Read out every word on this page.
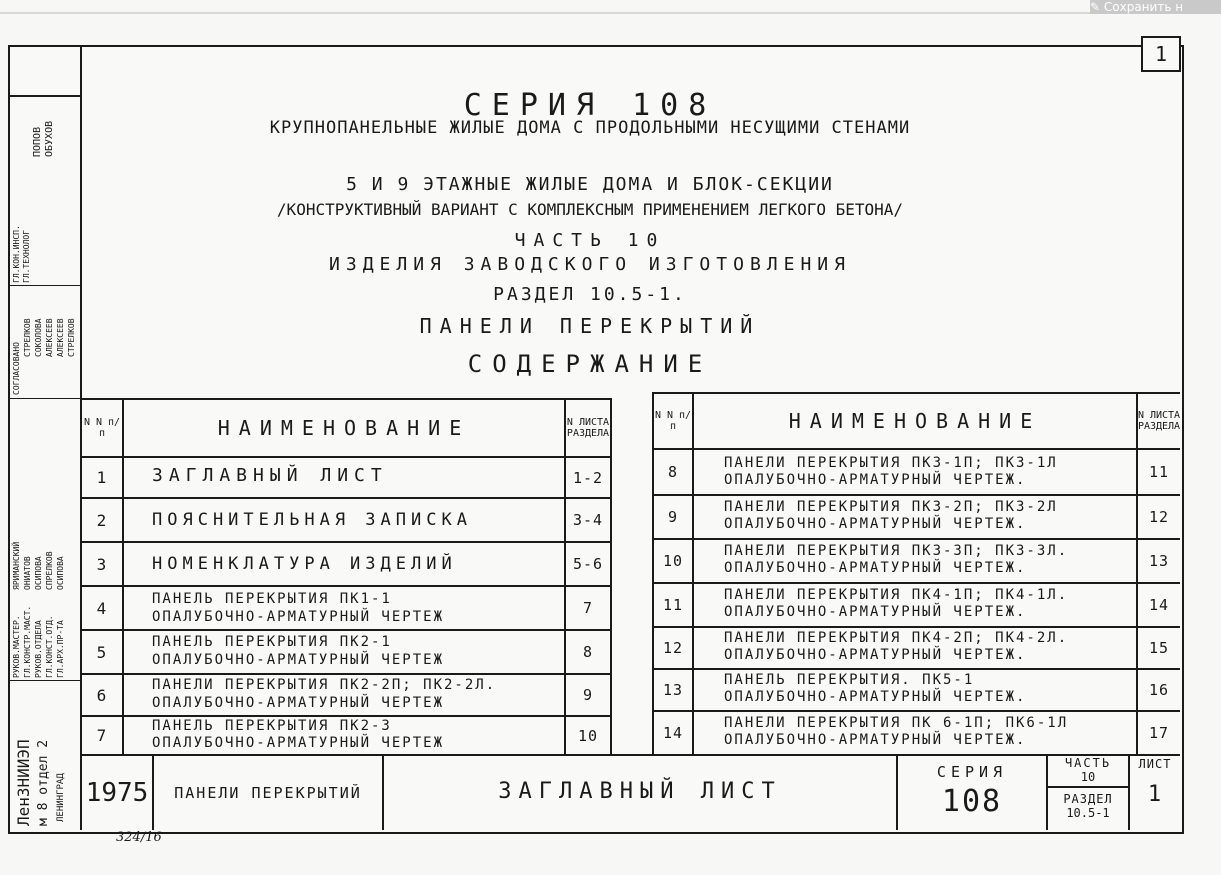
✎ Сохранить н
1
СЕРИЯ 108
КРУПНОПАНЕЛЬНЫЕ ЖИЛЫЕ ДОМА С ПРОДОЛЬНЫМИ НЕСУЩИМИ СТЕНАМИ
5 И 9 ЭТАЖНЫЕ ЖИЛЫЕ ДОМА И БЛОК-СЕКЦИИ
/КОНСТРУКТИВНЫЙ ВАРИАНТ С КОМПЛЕКСНЫМ ПРИМЕНЕНИЕМ ЛЕГКОГО БЕТОНА/
ЧАСТЬ 10
ИЗДЕЛИЯ ЗАВОДСКОГО ИЗГОТОВЛЕНИЯ
РАЗДЕЛ 10.5-1.
ПАНЕЛИ ПЕРЕКРЫТИЙ
СОДЕРЖАНИЕ
ГЛ.КОН.ИНСП. ГЛ.ТЕХНОЛОГ
ПОПОВ ОБУХОВ
СОГЛАСОВАНО
СТРЕЛКОВ СОКОЛОВА АЛЕКСЕЕВ АЛЕКСЕЕВ СТРЕЛКОВ
РУКОВ.МАСТЕР. ГЛ.КОНСТР.МАСТ. РУКОВ.ОТДЕЛА ГЛ.КОНСТ.ОТД. ГЛ.АРХ.ПР-ТА
ЯРИМАНСКИЙ ОНИАТОВ ОСИПОВА СПРЕЛКОВ ОСИПОВА
ЛенЗНИИЭП м 8 отдел 2 ЛЕНИНГРАД
N N п/п	НАИМЕНОВАНИЕ	N ЛИСТА РАЗДЕЛА
1	ЗАГЛАВНЫЙ ЛИСТ	1-2
2	ПОЯСНИТЕЛЬНАЯ ЗАПИСКА	3-4
3	НОМЕНКЛАТУРА ИЗДЕЛИЙ	5-6
4	ПАНЕЛЬ ПЕРЕКРЫТИЯ ПК1-1
ОПАЛУБОЧНО-АРМАТУРНЫЙ ЧЕРТЕЖ	7
5
ПАНЕЛЬ ПЕРЕКРЫТИЯ ПК2-1
ОПАЛУБОЧНО-АРМАТУРНЫЙ ЧЕРТЕЖ	8
6
ПАНЕЛИ ПЕРЕКРЫТИЯ ПК2-2П; ПК2-2Л.
ОПАЛУБОЧНО-АРМАТУРНЫЙ ЧЕРТЕЖ	9
7	ПАНЕЛЬ ПЕРЕКРЫТИЯ ПК2-3
ОПАЛУБОЧНО-АРМАТУРНЫЙ ЧЕРТЕЖ	10
N N п/п	НАИМЕНОВАНИЕ	N ЛИСТА РАЗДЕЛА
8	ПАНЕЛИ ПЕРЕКРЫТИЯ ПК3-1П; ПК3-1Л
ОПАЛУБОЧНО-АРМАТУРНЫЙ ЧЕРТЕЖ.	11
9
ПАНЕЛИ ПЕРЕКРЫТИЯ ПК3-2П; ПК3-2Л
ОПАЛУБОЧНО-АРМАТУРНЫЙ ЧЕРТЕЖ.	12
10
ПАНЕЛИ ПЕРЕКРЫТИЯ ПК3-3П; ПК3-3Л.
ОПАЛУБОЧНО-АРМАТУРНЫЙ ЧЕРТЕЖ.	13
11
ПАНЕЛИ ПЕРЕКРЫТИЯ ПК4-1П; ПК4-1Л.
ОПАЛУБОЧНО-АРМАТУРНЫЙ ЧЕРТЕЖ.	14
12
ПАНЕЛИ ПЕРЕКРЫТИЯ ПК4-2П; ПК4-2Л.
ОПАЛУБОЧНО-АРМАТУРНЫЙ ЧЕРТЕЖ.	15
13
ПАНЕЛЬ ПЕРЕКРЫТИЯ. ПК5-1
ОПАЛУБОЧНО-АРМАТУРНЫЙ ЧЕРТЕЖ.	16
14
ПАНЕЛИ ПЕРЕКРЫТИЯ ПК 6-1П; ПК6-1Л
ОПАЛУБОЧНО-АРМАТУРНЫЙ ЧЕРТЕЖ.	17
1975	ПАНЕЛИ ПЕРЕКРЫТИЙ	ЗАГЛАВНЫЙ ЛИСТ
СЕРИЯ
108
ЧАСТЬ
10
РАЗДЕЛ
10.5-1
ЛИСТ
1
324/16
